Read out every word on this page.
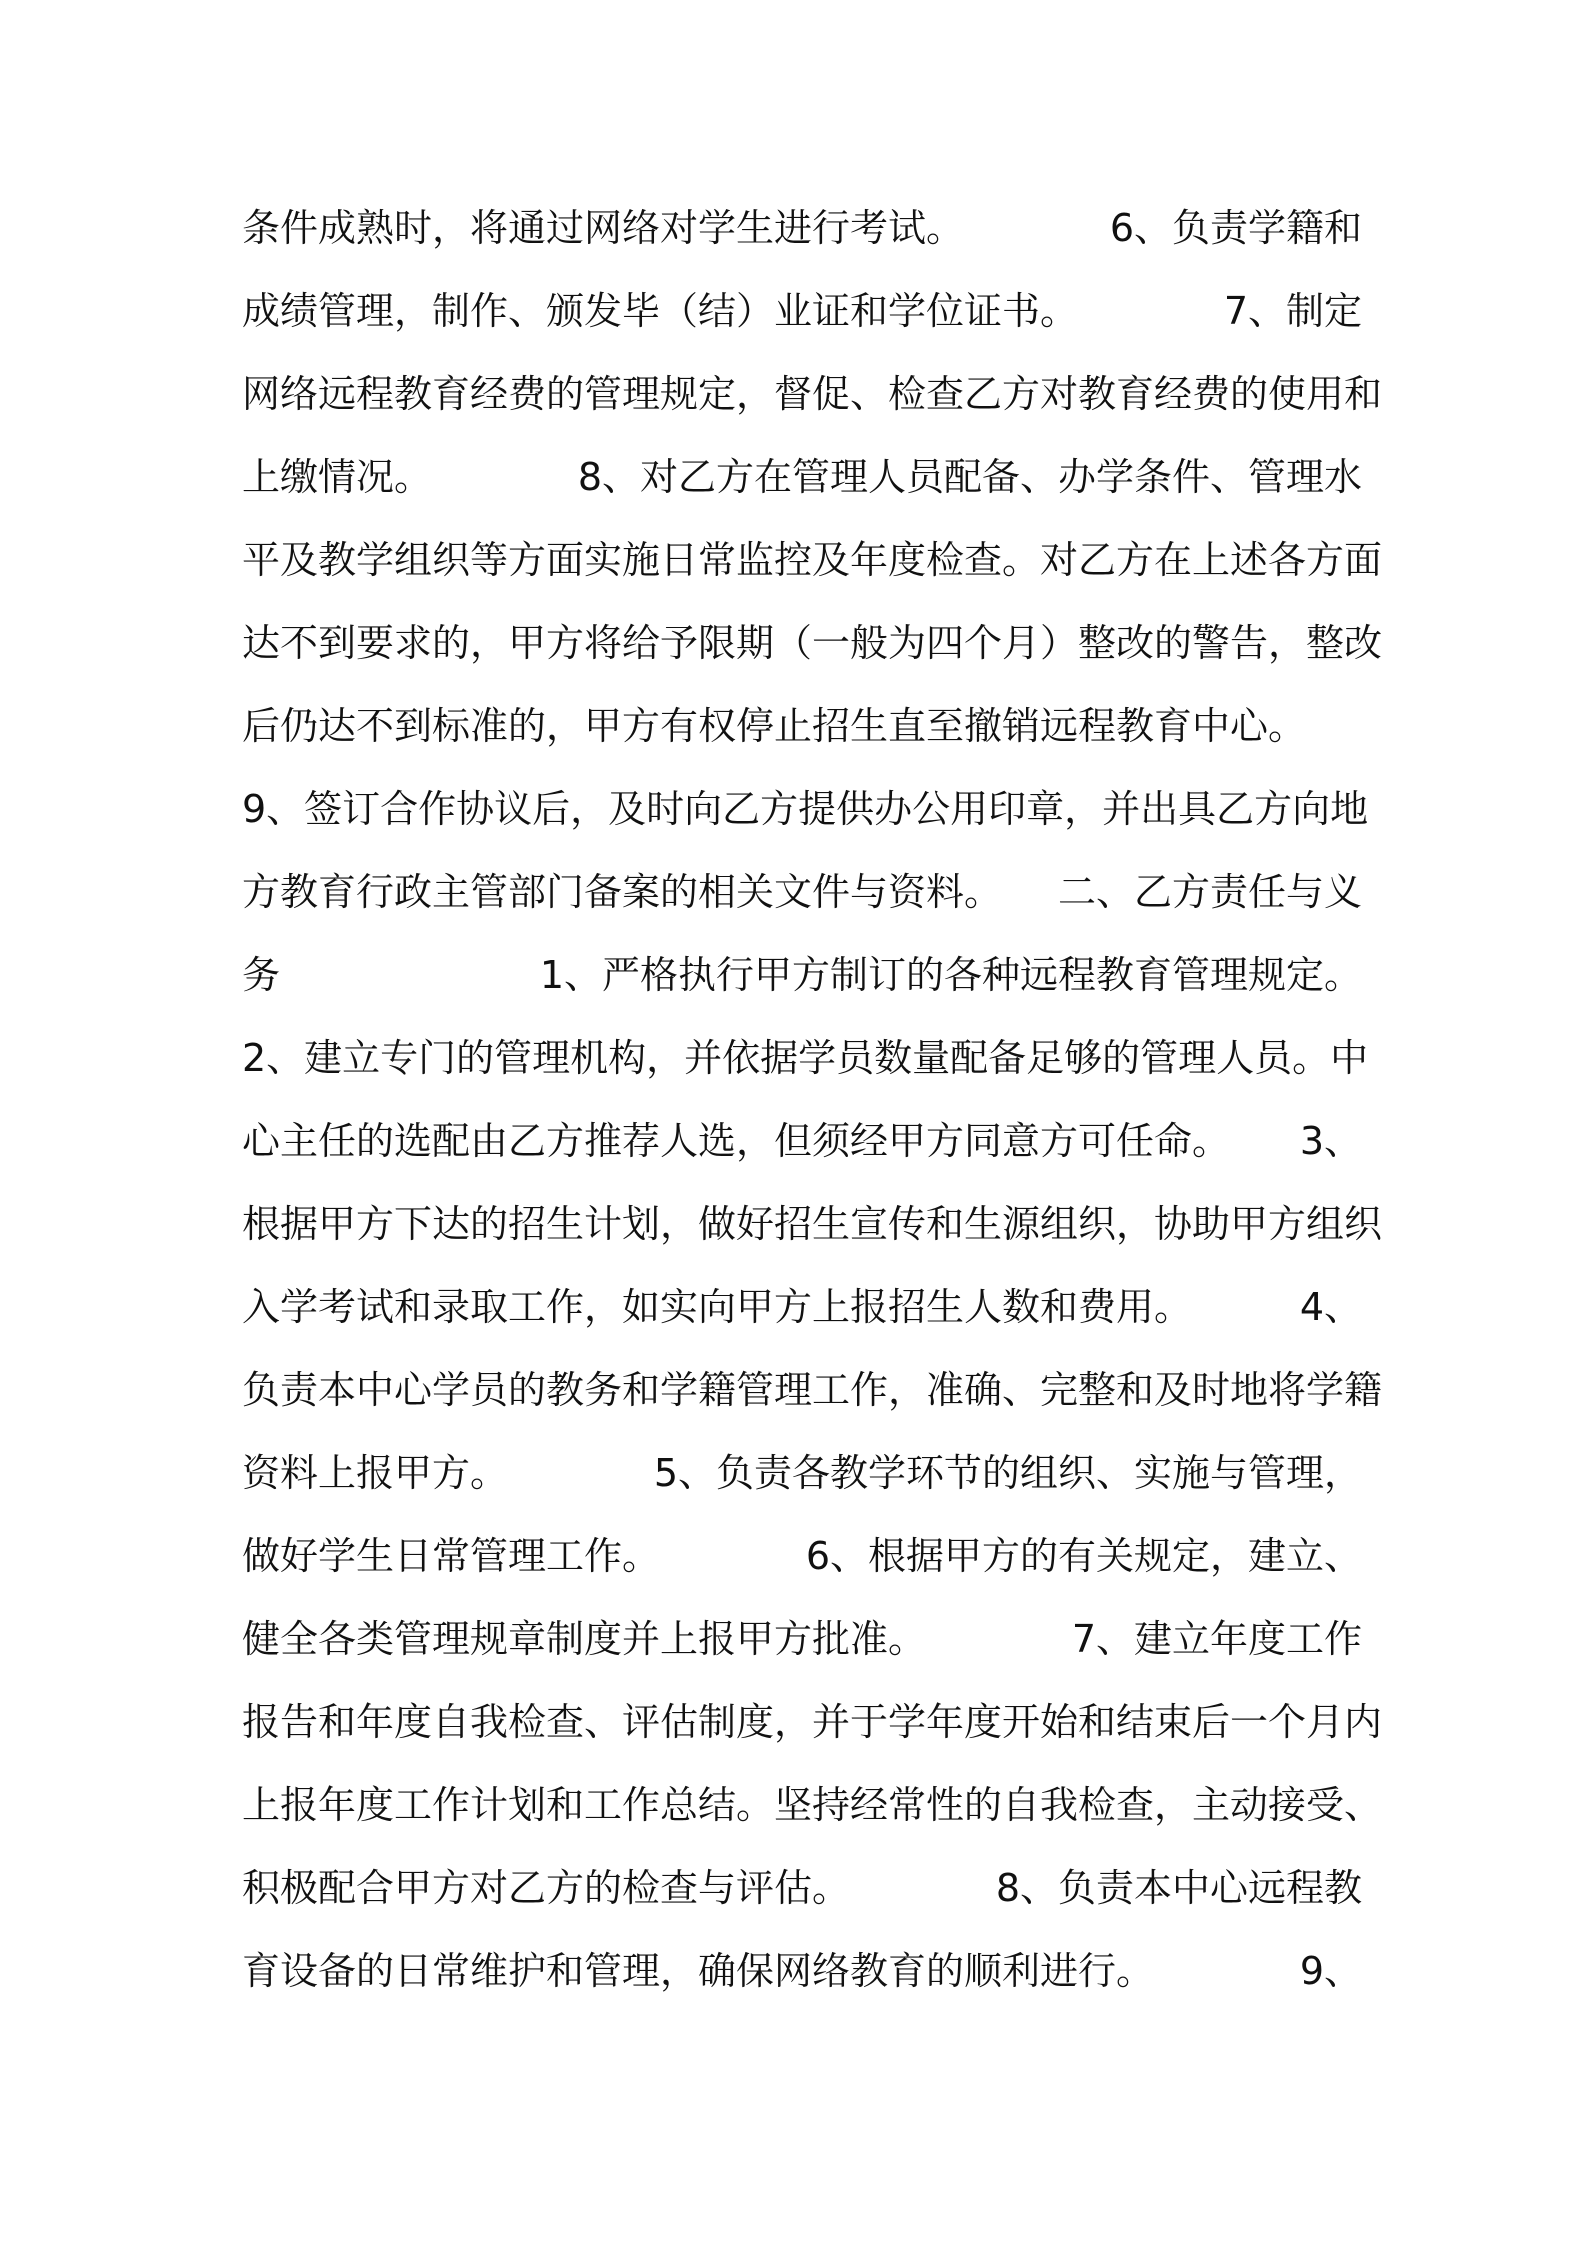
条件成熟时，将通过网络对学生进行考试。	6、负责学籍和
成绩管理，制作、颁发毕（结）业证和学位证书。	7、制定
网络远程教育经费的管理规定，督促、检查乙方对教育经费的使用和
上缴情况。	8、对乙方在管理人员配备、办学条件、管理水
平及教学组织等方面实施日常监控及年度检查。对乙方在上述各方面
达不到要求的，甲方将给予限期（一般为四个月）整改的警告，整改
后仍达不到标准的，甲方有权停止招生直至撤销远程教育中心。
9、签订合作协议后，及时向乙方提供办公用印章，并出具乙方向地
方教育行政主管部门备案的相关文件与资料。 二、乙方责任与义
务	1、严格执行甲方制订的各种远程教育管理规定。
2、建立专门的管理机构，并依据学员数量配备足够的管理人员。中
心主任的选配由乙方推荐人选，但须经甲方同意方可任命。 3、
根据甲方下达的招生计划，做好招生宣传和生源组织，协助甲方组织
入学考试和录取工作，如实向甲方上报招生人数和费用。	4、
负责本中心学员的教务和学籍管理工作，准确、完整和及时地将学籍
资料上报甲方。	5、负责各教学环节的组织、实施与管理，
做好学生日常管理工作。	6、根据甲方的有关规定，建立、
健全各类管理规章制度并上报甲方批准。	7、建立年度工作
报告和年度自我检查、评估制度，并于学年度开始和结束后一个月内
上报年度工作计划和工作总结。坚持经常性的自我检查，主动接受、
积极配合甲方对乙方的检查与评估。	8、负责本中心远程教
育设备的日常维护和管理，确保网络教育的顺利进行。	9、
